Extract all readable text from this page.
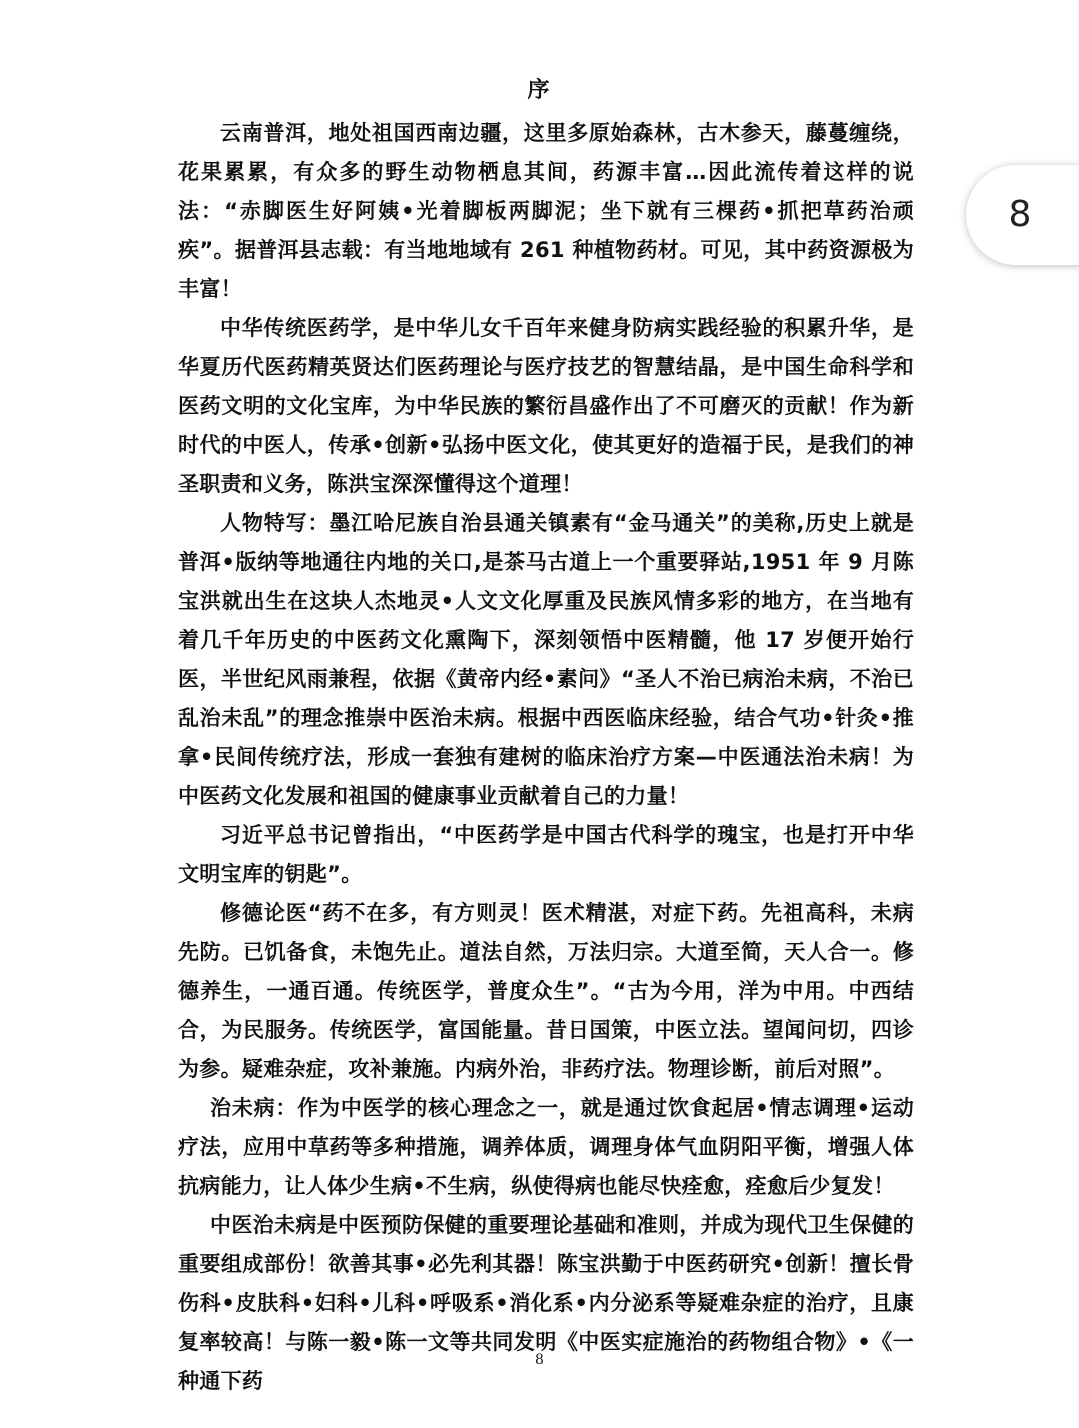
序

云南普洱，地处祖国西南边疆，这里多原始森林，古木参天，藤蔓缠绕，花果累累，有众多的野生动物栖息其间，药源丰富…因此流传着这样的说法：“赤脚医生好阿姨•光着脚板两脚泥；坐下就有三棵药•抓把草药治顽疾”。据普洱县志载：有当地地域有 261 种植物药材。可见，其中药资源极为丰富！

中华传统医药学，是中华儿女千百年来健身防病实践经验的积累升华，是华夏历代医药精英贤达们医药理论与医疗技艺的智慧结晶，是中国生命科学和医药文明的文化宝库，为中华民族的繁衍昌盛作出了不可磨灭的贡献！作为新时代的中医人，传承•创新•弘扬中医文化，使其更好的造福于民，是我们的神圣职责和义务，陈洪宝深深懂得这个道理！

人物特写：墨江哈尼族自治县通关镇素有“金马通关”的美称,历史上就是普洱•版纳等地通往内地的关口,是茶马古道上一个重要驿站,1951 年 9 月陈宝洪就出生在这块人杰地灵•人文文化厚重及民族风情多彩的地方，在当地有着几千年历史的中医药文化熏陶下，深刻领悟中医精髓，他 17 岁便开始行医，半世纪风雨兼程，依据《黄帝内经•素问》“圣人不治已病治未病，不治已乱治未乱”的理念推崇中医治未病。根据中西医临床经验，结合气功•针灸•推拿•民间传统疗法，形成一套独有建树的临床治疗方案—中医通法治未病！为中医药文化发展和祖国的健康事业贡献着自己的力量！

习近平总书记曾指出，“中医药学是中国古代科学的瑰宝，也是打开中华文明宝库的钥匙”。

修德论医“药不在多，有方则灵！医术精湛，对症下药。先祖高科，未病先防。已饥备食，未饱先止。道法自然，万法归宗。大道至简，天人合一。修德养生，一通百通。传统医学，普度众生”。“古为今用，洋为中用。中西结合，为民服务。传统医学，富国能量。昔日国策，中医立法。望闻问切，四诊为参。疑难杂症，攻补兼施。内病外治，非药疗法。物理诊断，前后对照”。

治未病：作为中医学的核心理念之一，就是通过饮食起居•情志调理•运动疗法，应用中草药等多种措施，调养体质，调理身体气血阴阳平衡，增强人体抗病能力，让人体少生病•不生病，纵使得病也能尽快痊愈，痊愈后少复发！

中医治未病是中医预防保健的重要理论基础和准则，并成为现代卫生保健的重要组成部份！欲善其事•必先利其器！陈宝洪勤于中医药研究•创新！擅长骨伤科•皮肤科•妇科•儿科•呼吸系•消化系•内分泌系等疑难杂症的治疗，且康复率较高！与陈一毅•陈一文等共同发明《中医实症施治的药物组合物》•《一种通下药

8
8
